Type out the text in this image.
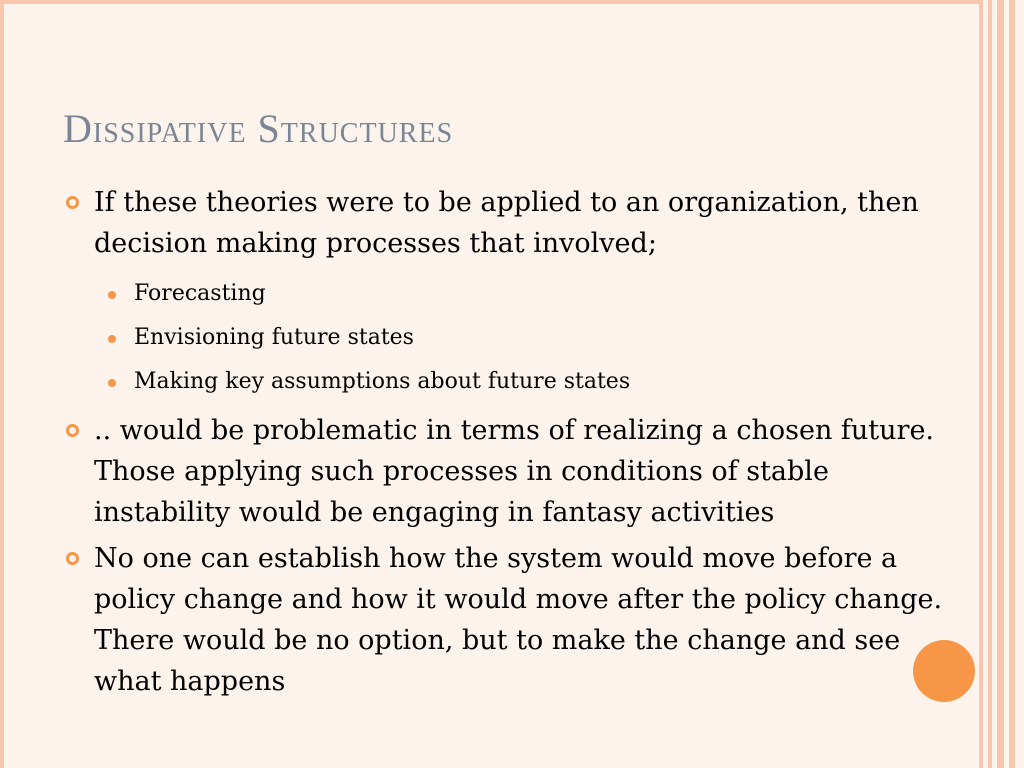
Dissipative Structures
If these theories were to be applied to an organization, then decision making processes that involved;
Forecasting
Envisioning future states
Making key assumptions about future states
.. would be problematic in terms of realizing a chosen future. Those applying such processes in conditions of stable instability would be engaging in fantasy activities
No one can establish how the system would move before a policy change and how it would move after the policy change. There would be no option, but to make the change and see what happens
